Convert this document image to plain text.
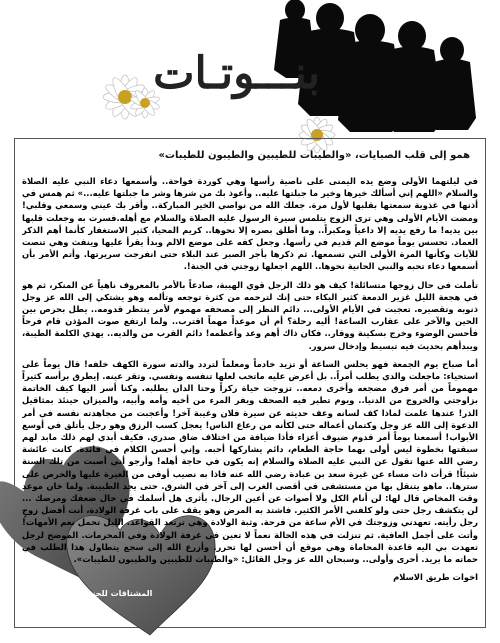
بنـــوتـات
همو إلى قلب الصبايات، «والطيبات للطيبين والطيبون للطيبات»
المشتاقات للجنة

في ليلتهما الأولى وضع يده اليمنى على ناصية رأسها وهي كوردة فواحة.. وأسمعها دعاء النبي عليه الصلاة والسلام «اللهم إني أسألك خيرها وخير ما جبلتها عليه.. وأعوذ بك من شرها وشر ما جبلتها عليه...» ثم همس في أذنها في غذوية سمعتها بقلبها لأول مرة. جعلك الله من نواصي الخير المباركة.. وأقر بك عيني وسمعي وقلبي! ومضت الأيام الأولى وهي ترى الزوج يتلمس سيرة الرسول عليه الصلاة والسلام مع أهله.فسرت به وجعلت قلبها بين يديه! ما رفع يديه إلا داعياً ومكبراً.. وما أطلق بصره إلا نحوها.. كريم المحيا، كثير الاستغفار كأنما أهم الذكر العماد. تحسس يوماً موضع الم قديم في رأسها. وجعل كفه على موضع الالم وبدأ يقرأ عليها وينفث وهي تنصت للآيات وكأنها المرة الأولى التي تسمعها. ثم ذكرها بأجر الصبر عند البلاء حتى انفرجت سريرتها. وأتم الأمر بأن أسمعها دعاء تحبه والنبي الحانية نحوها.. اللهم اجعلها زوجتي في الجنة!.

تأملت في حال زوجها متسائلة! كيف هو ذلك الرجل قوي الهيبة، صادعاً بالأمر بالمعروف ناهياً عن المنكر، ثم هو في هجعة الليل غزير الدمعة كثير البكاء حتى إنك لترحمه من كثرة توجعه وتألمه وهو يشتكي إلى الله عز وجل ذنوبه وتقصيره. تعجبت في الأيام الأولى... دائم النظر إلى مصحفه مهموم لأمر ينتظر قدومه.. يطل بحرص بين الحين والآخر على عقارب الساعة! أليه رحلة؟ أم أن موعداً مهماً اقترب.. ولما ارتفع صوت المؤذن قام فرحاً فأحسن الوضوء وخرج بسكينة ووقار.. فكان ذاك أهم وعد وأعظمه! دائم القرب من والديه.. يهدي الكلمة الطيبة، ويبدأهم بحديث فيه تبسيط وإدخال سرور.

أما صباح يوم الجمعة فهو يحلس الساعة أو تزيد خادماً ومعلماً لتردد والدته سورة الكهف خلفه! قال يوماً على استحياء: ماجعلت والدي يطلب أمراً.. بل أعرض عليه ماتحب لعلها تنفسه ونفسي. وتقر عينه. إيطرق برأسه كثيراً مهموماً من أمر فرق مضجعه وأخرى دمعه.. تزوجت حياة ركراً وحتا الدان يطلبه. وكنا أسر اليها كيف الخاتمة بزاوجتي والخروج من الدنيا.. ويوم تطير فيه الصحف ويفر المرء من أخيه وأمه وأبيه، والميزان حينئذ بمثاقيل الذر! عندها علمت لماذا كف لسانه وعف حديثه عن سيرة فلان وغيبة آخر! وأعجبت من مجاهدته نفسه في أمر الدعوة إلى الله عز وجل وكتمان أعماله حتى لكأنه من رعاع الناس! يعجل كسب الرزق وهو رجل يأتلق في أوسع الأبواب! أسمعنا يوماً أمر قدوم ضيوف أعزاء فأذا ضيافة من اختلاف ضاق صدري. فكيف أبدي لهم ذلك مابد لهم سبقتها بخطوة ليس أولى بهما حاجة الطعام، دائم يشاركها أحبه. وإني أحسن الكلام في فائدة. كانت عائشة رضي الله عنها تقول عن النبي عليه الصلاة والسلام إنه يكون في حاجة أهله! وأرجو أني أصبت من تلك السنة شيئاً! قرأت ذات مساء عن غيرة سعد بن عبادة رضي الله عنه فاذا به نصيب أوفى من الغيرة عليها والحرص على سترها.. ماهو يتنقل بها من مستشفى في أقصى الغرب إلى آخر في الشرق. حتى يجد الطبيبة. ولما خان موعد وقت المخاض قال لها: لن أنام الكل ولا أصوات عن أعين الرجال. يأثرى هل أسلمك في حال ضعفك ومرضك ... لن يتكشف رجل حتى ولو كلفني الأمر الكثير. فاشتد به المرض وهو يقف على باب غرفة الولادة، أنت أفضل زوجٍ رجل رأيته. تعهدني وزوجتك في الأم ساعة من فرحة. وثبة الولادة وهي ترتعد القواعد. الليل تحمل نعم الأمهات! وأتت على أجمل العافية. ثم تنزلت في هذه الحالة نعماً لا تعين في غرفة الولادة وفي المحرمات. الموضح لرجل تعهدت بي اليه قاعدة المحاماة وهي موقع أن أحسن لها تحرر. وأزرع الله إلى سجع يتطاول هذا الطلب في حماته ما يريد. أحرى وأولى.. وسبحان الله عز وجل القائل: «والطيبات للطيبين والطيبون للطيبات».

اخوات طريق الاسلام
